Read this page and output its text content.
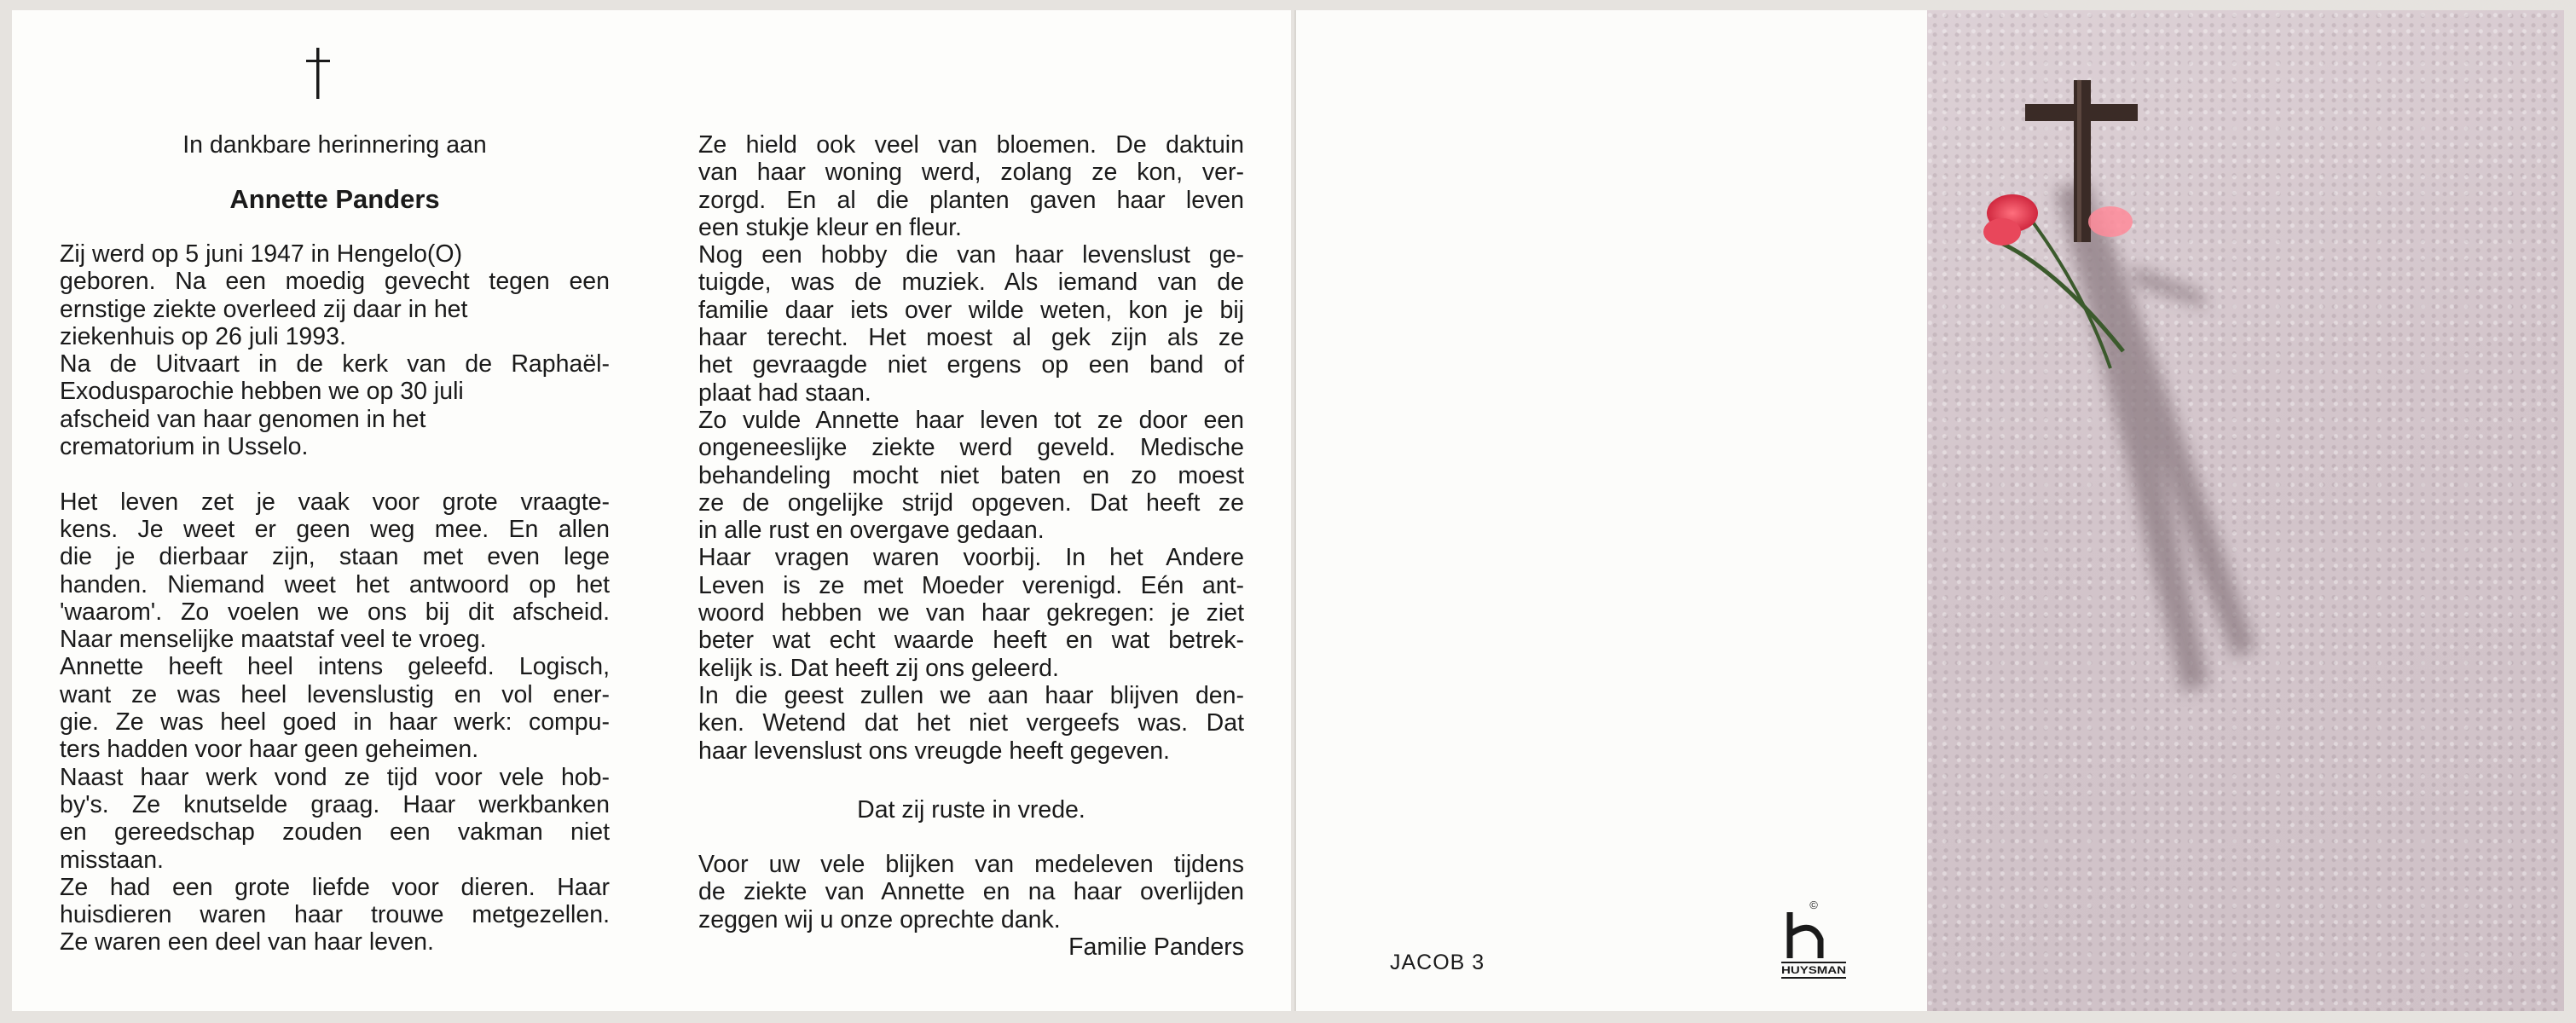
In dankbare herinnering aan
Annette Panders
Zij werd op 5 juni 1947 in Hengelo(O)
geboren. Na een moedig gevecht tegen een
ernstige ziekte overleed zij daar in het
ziekenhuis op 26 juli 1993.
Na de Uitvaart in de kerk van de Raphaël-
Exodusparochie hebben we op 30 juli
afscheid van haar genomen in het
crematorium in Usselo.

Het leven zet je vaak voor grote vraagte-
kens. Je weet er geen weg mee. En allen
die je dierbaar zijn, staan met even lege
handen. Niemand weet het antwoord op het
'waarom'. Zo voelen we ons bij dit afscheid.
Naar menselijke maatstaf veel te vroeg.
Annette heeft heel intens geleefd. Logisch,
want ze was heel levenslustig en vol ener-
gie. Ze was heel goed in haar werk: compu-
ters hadden voor haar geen geheimen.
Naast haar werk vond ze tijd voor vele hob-
by's. Ze knutselde graag. Haar werkbanken
en gereedschap zouden een vakman niet
misstaan.
Ze had een grote liefde voor dieren. Haar
huisdieren waren haar trouwe metgezellen.
Ze waren een deel van haar leven.
Ze hield ook veel van bloemen. De daktuin
van haar woning werd, zolang ze kon, ver-
zorgd. En al die planten gaven haar leven
een stukje kleur en fleur.
Nog een hobby die van haar levenslust ge-
tuigde, was de muziek. Als iemand van de
familie daar iets over wilde weten, kon je bij
haar terecht. Het moest al gek zijn als ze
het gevraagde niet ergens op een band of
plaat had staan.
Zo vulde Annette haar leven tot ze door een
ongeneeslijke ziekte werd geveld. Medische
behandeling mocht niet baten en zo moest
ze de ongelijke strijd opgeven. Dat heeft ze
in alle rust en overgave gedaan.
Haar vragen waren voorbij. In het Andere
Leven is ze met Moeder verenigd. Eén ant-
woord hebben we van haar gekregen: je ziet
beter wat echt waarde heeft en wat betrek-
kelijk is. Dat heeft zij ons geleerd.
In die geest zullen we aan haar blijven den-
ken. Wetend dat het niet vergeefs was. Dat
haar levenslust ons vreugde heeft gegeven.
Dat zij ruste in vrede.
Voor uw vele blijken van medeleven tijdens
de ziekte van Annette en na haar overlijden
zeggen wij u onze oprechte dank.
Familie Panders
JACOB 3
©
HUYSMAN
